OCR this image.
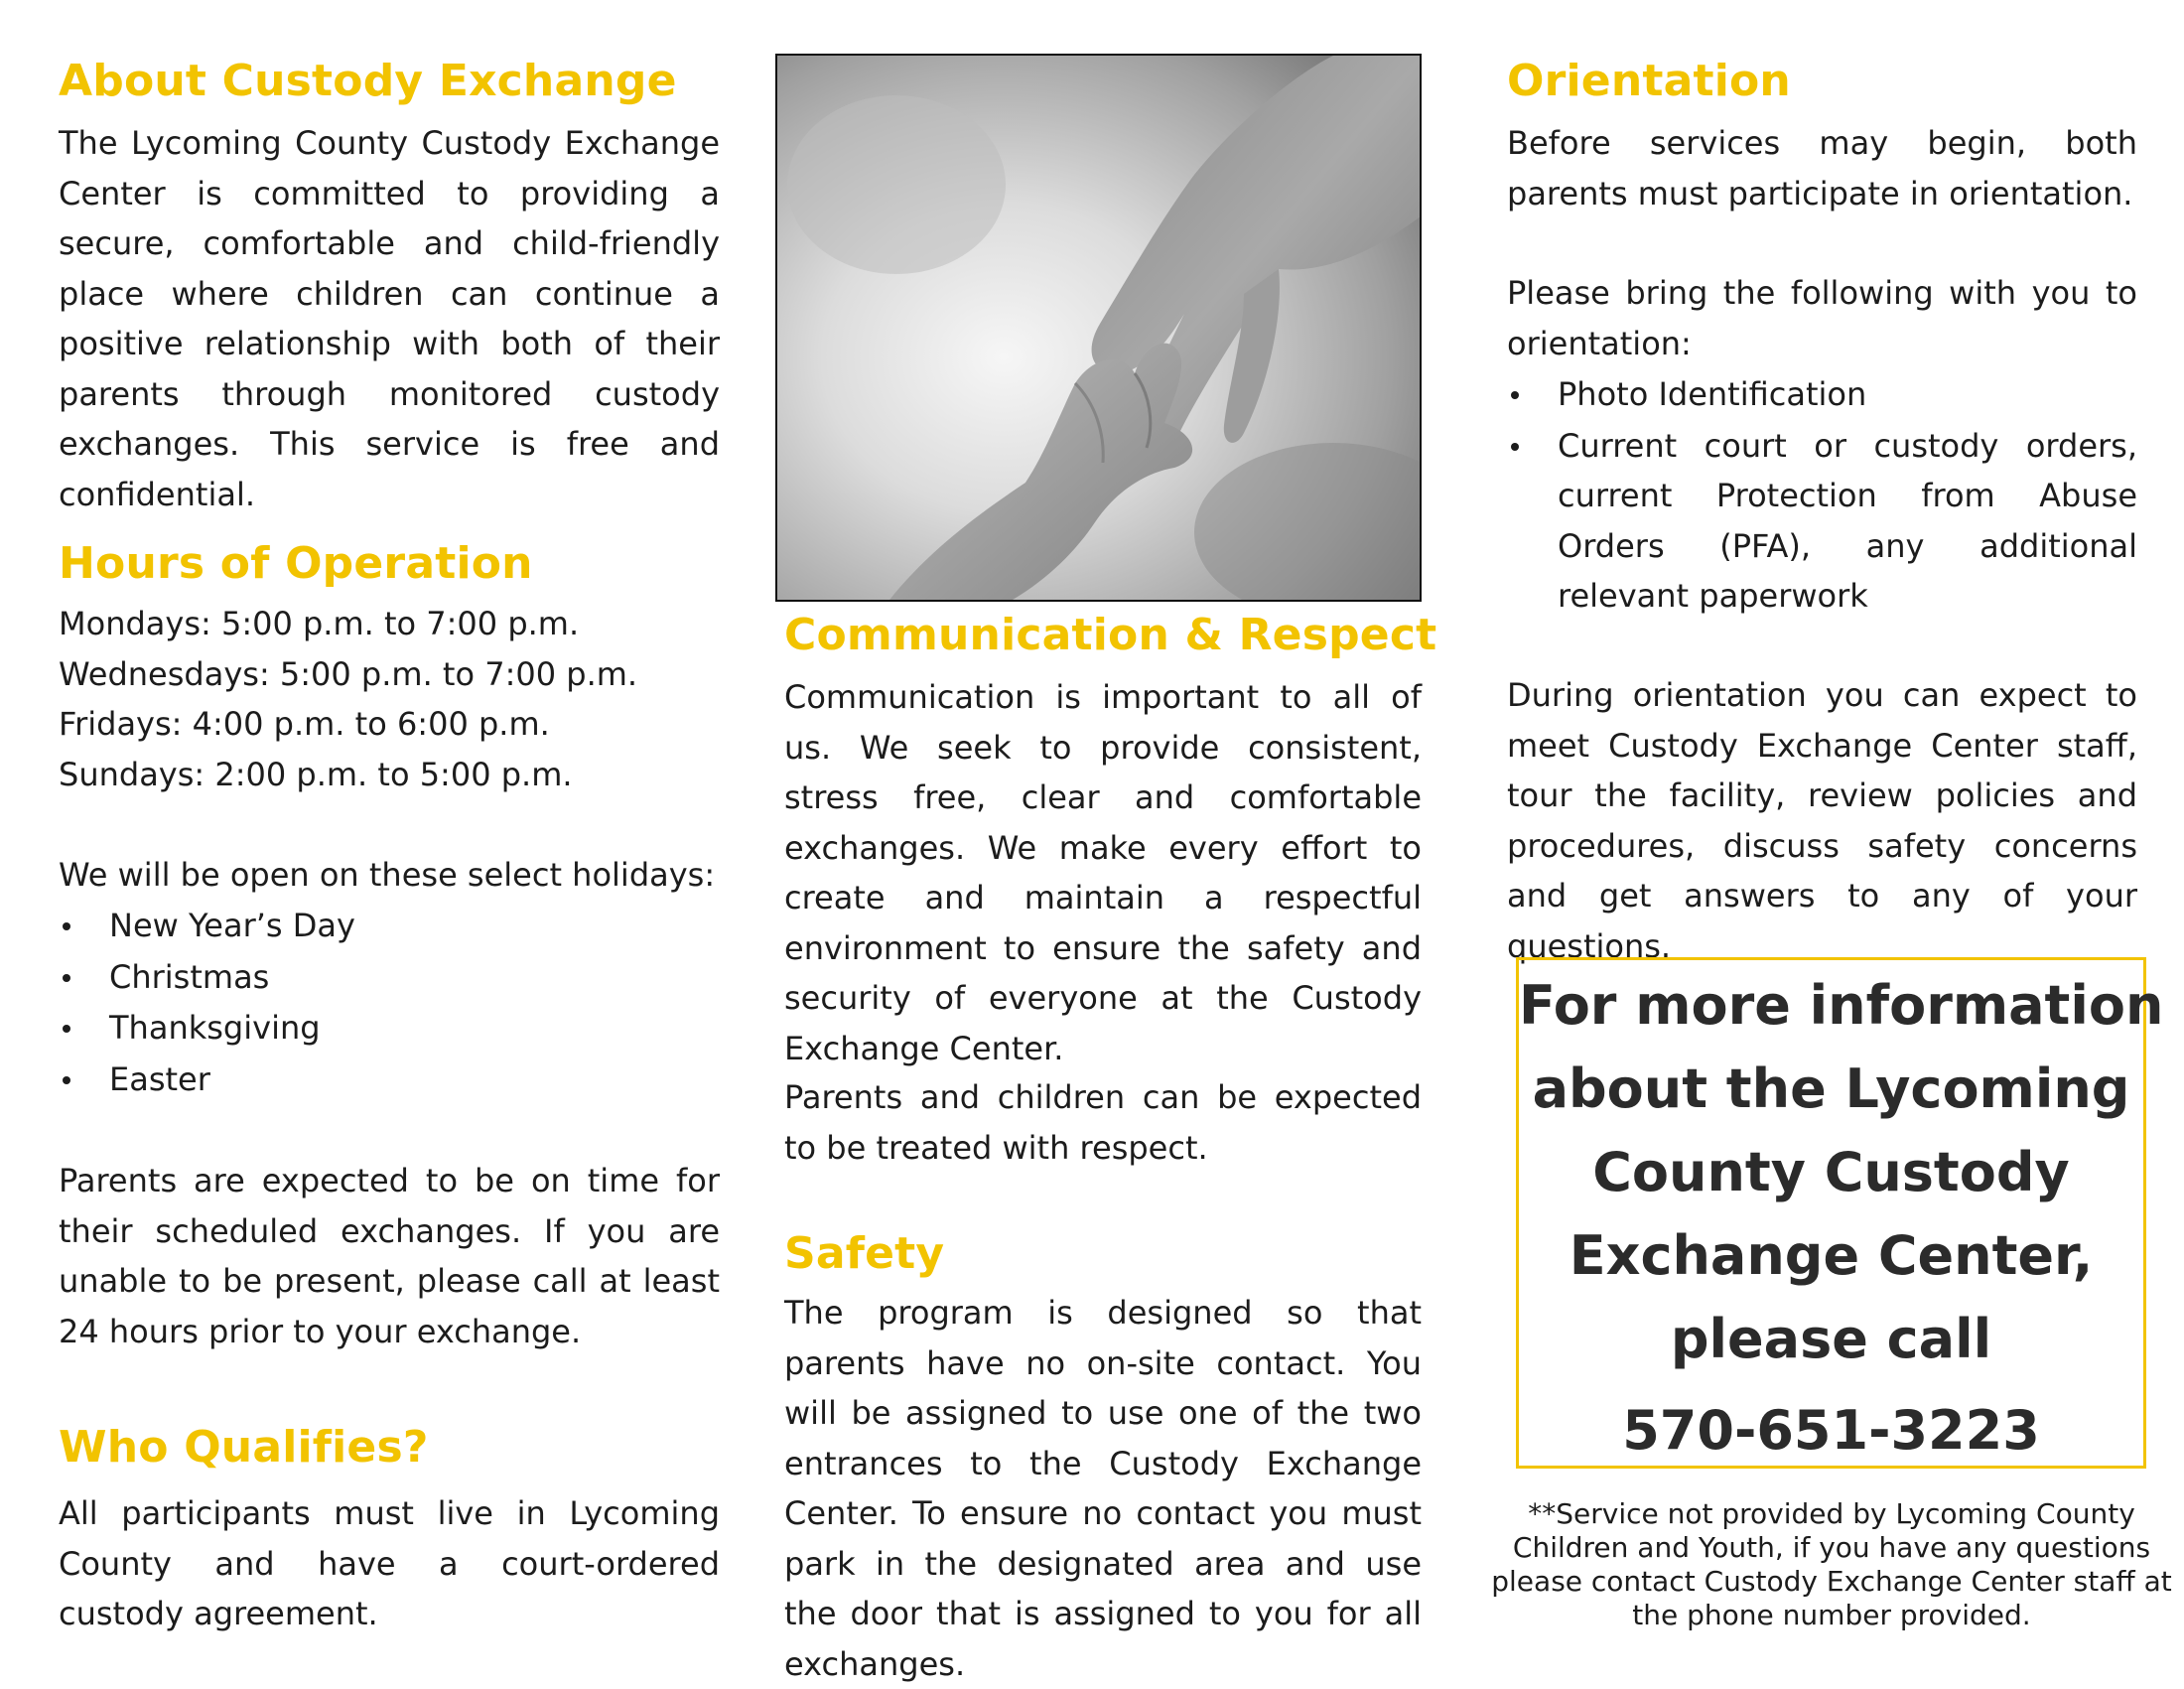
About Custody Exchange

The Lycoming County Custody Exchange Center is committed to providing a secure, comfortable and child-friendly place where children can continue a positive relationship with both of their parents through monitored custody exchanges. This service is free and confidential.

Hours of Operation
Mondays: 5:00 p.m. to 7:00 p.m.
Wednesdays: 5:00 p.m. to 7:00 p.m.
Fridays: 4:00 p.m. to 6:00 p.m.
Sundays: 2:00 p.m. to 5:00 p.m.
We will be open on these select holidays:
New Year’s Day
Christmas
Thanksgiving
Easter

Parents are expected to be on time for their scheduled exchanges. If you are unable to be present, please call at least 24 hours prior to your exchange.

Who Qualifies?

All participants must live in Lycoming County and have a court-ordered custody agreement.

Communication & Respect

Communication is important to all of us. We seek to provide consistent, stress free, clear and comfortable exchanges. We make every effort to create and maintain a respectful environment to ensure the safety and security of everyone at the Custody Exchange Center.

Parents and children can be expected to be treated with respect.

Safety

The program is designed so that parents have no on-site contact. You will be assigned to use one of the two entrances to the Custody Exchange Center. To ensure no contact you must park in the designated area and use the door that is assigned to you for all exchanges.

Orientation

Before services may begin, both parents must participate in orientation.

Please bring the following with you to orientation:

Photo Identification
Current court or custody orders, current Protection from Abuse Orders (PFA), any additional relevant paperwork

During orientation you can expect to meet Custody Exchange Center staff, tour the facility, review policies and procedures, discuss safety concerns and get answers to any of your questions.

For more information
about the Lycoming
County Custody
Exchange Center,
please call
570-651-3223
**Service not provided by Lycoming County Children and Youth, if you have any questions please contact Custody Exchange Center staff at the phone number provided.
